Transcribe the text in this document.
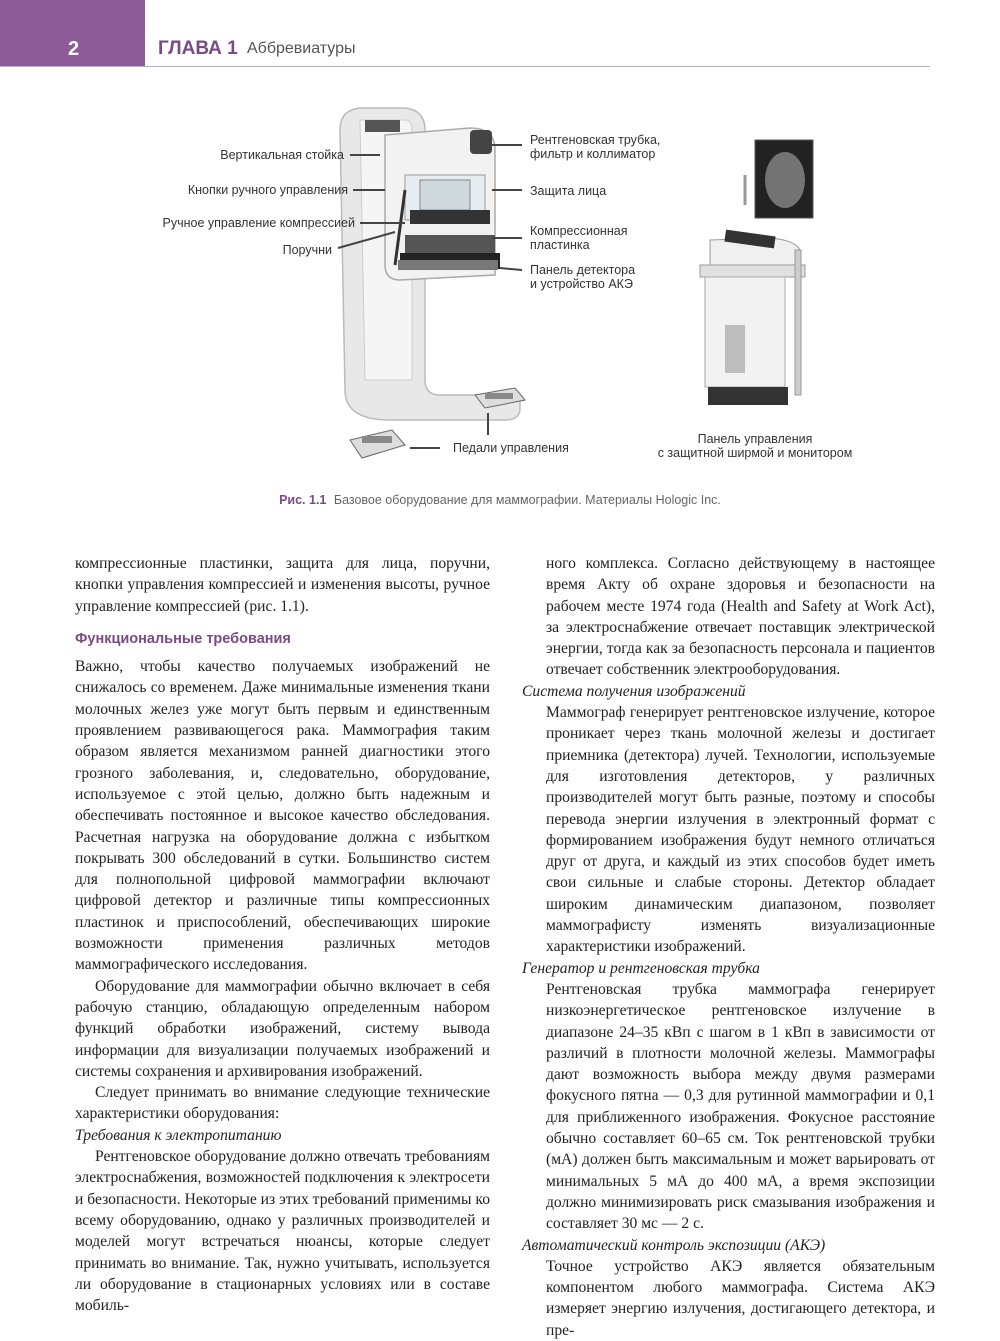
2	ГЛАВА 1 Аббревиатуры
Вертикальная стойка
Кнопки ручного управления
Ручное управление компрессией
Поручни
Рентгеновская трубка,
фильтр и коллиматор
Защита лица
Компрессионная
пластинка
Панель детектора
и устройство АКЭ
Педали управления
Панель управления
с защитной ширмой и монитором
Рис. 1.1 Базовое оборудование для маммографии. Материалы Hologic Inc.

компрессионные пластинки, защита для лица, поручни, кнопки управления компрессией и изменения высоты, ручное управление компрессией (рис. 1.1).

Функциональные требования

Важно, чтобы качество получаемых изображений не снижалось со временем. Даже минимальные изменения ткани молочных желез уже могут быть первым и единственным проявлением развивающегося рака. Маммография таким образом является механизмом ранней диагностики этого грозного заболевания, и, следовательно, оборудование, используемое с этой целью, должно быть надежным и обеспечивать постоянное и высокое качество обследования. Расчетная нагрузка на оборудование должна с избытком покрывать 300 обследований в сутки. Большинство систем для полнопольной цифровой маммографии включают цифровой детектор и различные типы компрессионных пластинок и приспособлений, обеспечивающих широкие возможности применения различных методов маммографического исследования.

Оборудование для маммографии обычно включает в себя рабочую станцию, обладающую определенным набором функций обработки изображений, систему вывода информации для визуализации получаемых изображений и системы сохранения и архивирования изображений.

Следует принимать во внимание следующие технические характеристики оборудования:

Требования к электропитанию

Рентгеновское оборудование должно отвечать требованиям электроснабжения, возможностей подключения к электросети и безопасности. Некоторые из этих требований применимы ко всему оборудованию, однако у различных производителей и моделей могут встречаться нюансы, которые следует принимать во внимание. Так, нужно учитывать, используется ли оборудование в стационарных условиях или в составе мобиль-

ного комплекса. Согласно действующему в настоящее время Акту об охране здоровья и безопасности на рабочем месте 1974 года (Health and Safety at Work Act), за электроснабжение отвечает поставщик электрической энергии, тогда как за безопасность персонала и пациентов отвечает собственник электрооборудования.

Система получения изображений

Маммограф генерирует рентгеновское излучение, которое проникает через ткань молочной железы и достигает приемника (детектора) лучей. Технологии, используемые для изготовления детекторов, у различных производителей могут быть разные, поэтому и способы перевода энергии излучения в электронный формат с формированием изображения будут немного отличаться друг от друга, и каждый из этих способов будет иметь свои сильные и слабые стороны. Детектор обладает широким динамическим диапазоном, позволяет маммографисту изменять визуализационные характеристики изображений.

Генератор и рентгеновская трубка

Рентгеновская трубка маммографа генерирует низкоэнергетическое рентгеновское излучение в диапазоне 24–35 кВп с шагом в 1 кВп в зависимости от различий в плотности молочной железы. Маммографы дают возможность выбора между двумя размерами фокусного пятна — 0,3 для рутинной маммографии и 0,1 для приближенного изображения. Фокусное расстояние обычно составляет 60–65 см. Ток рентгеновской трубки (мА) должен быть максимальным и может варьировать от минимальных 5 мА до 400 мА, а время экспозиции должно минимизировать риск смазывания изображения и составляет 30 мс — 2 с.

Автоматический контроль экспозиции (АКЭ)

Точное устройство АКЭ является обязательным компонентом любого маммографа. Система АКЭ измеряет энергию излучения, достигающего детектора, и пре-
